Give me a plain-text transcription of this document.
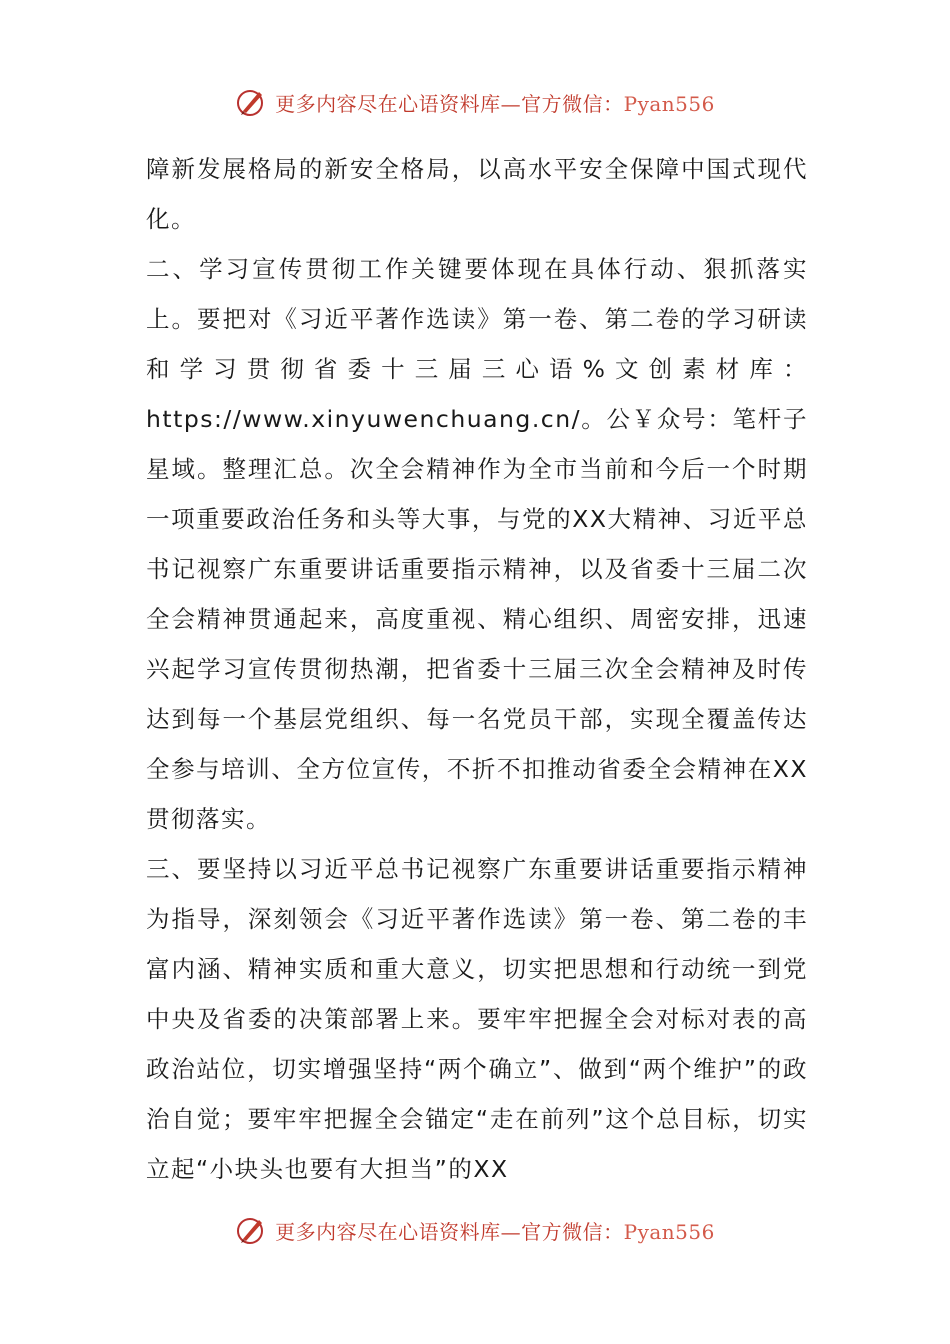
更多内容尽在心语资料库—官方微信：Pyan556

障新发展格局的新安全格局，以高水平安全保障中国式现代化。

二、学习宣传贯彻工作关键要体现在具体行动、狠抓落实上。要把对《习近平著作选读》第一卷、第二卷的学习研读和学习贯彻省委十三届三心语%文创素材库：https://www.xinyuwenchuang.cn/。公￥众号：笔杆子星域。整理汇总。次全会精神作为全市当前和今后一个时期一项重要政治任务和头等大事，与党的XX大精神、习近平总书记视察广东重要讲话重要指示精神，以及省委十三届二次全会精神贯通起来，高度重视、精心组织、周密安排，迅速兴起学习宣传贯彻热潮，把省委十三届三次全会精神及时传达到每一个基层党组织、每一名党员干部，实现全覆盖传达全参与培训、全方位宣传，不折不扣推动省委全会精神在XX贯彻落实。

三、要坚持以习近平总书记视察广东重要讲话重要指示精神为指导，深刻领会《习近平著作选读》第一卷、第二卷的丰富内涵、精神实质和重大意义，切实把思想和行动统一到党中央及省委的决策部署上来。要牢牢把握全会对标对表的高政治站位，切实增强坚持“两个确立”、做到“两个维护”的政治自觉；要牢牢把握全会锚定“走在前列”这个总目标，切实立起“小块头也要有大担当”的XX

更多内容尽在心语资料库—官方微信：Pyan556
